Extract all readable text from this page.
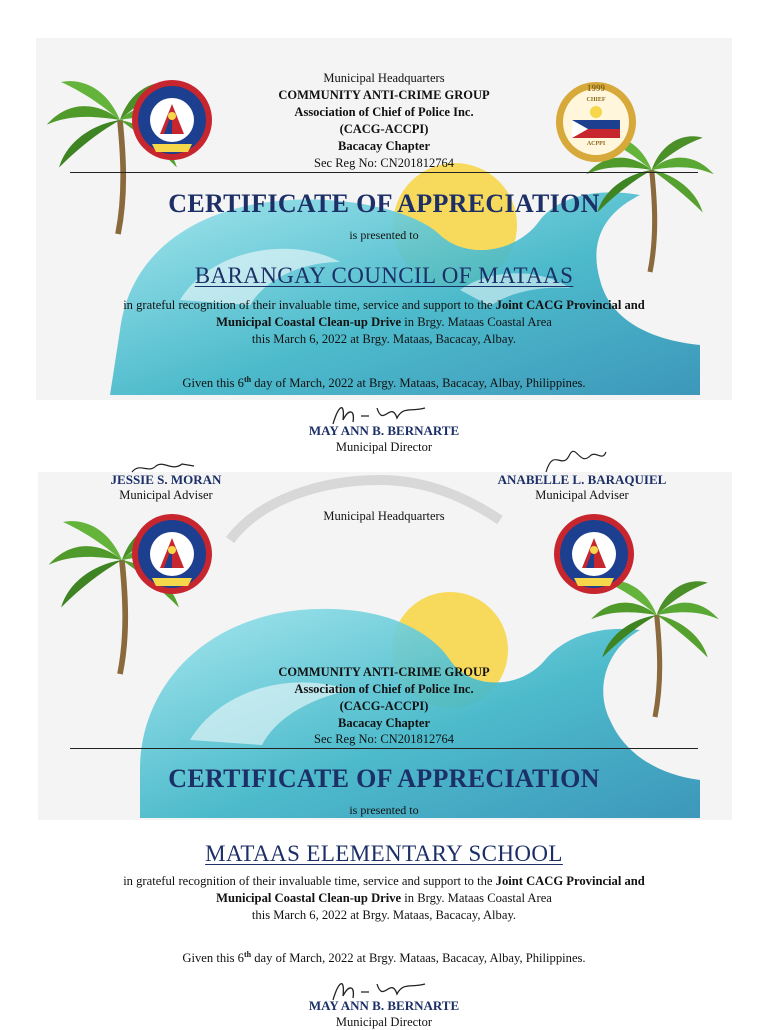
1999
CHIEF
ACPPI
Municipal Headquarters
COMMUNITY ANTI-CRIME GROUP
Association of Chief of Police Inc.
(CACG-ACCPI)
Bacacay Chapter
Sec Reg No: CN201812764
CERTIFICATE OF APPRECIATION
is presented to
BARANGAY COUNCIL OF MATAAS
in grateful recognition of their invaluable time, service and support to the Joint CACG Provincial and
Municipal Coastal Clean-up Drive in Brgy. Mataas Coastal Area
this March 6, 2022 at Brgy. Mataas, Bacacay, Albay.
Given this 6th day of March, 2022 at Brgy. Mataas, Bacacay, Albay, Philippines.
MAY ANN B. BERNARTE
Municipal Director
JESSIE S. MORAN
Municipal Adviser
ANABELLE L. BARAQUIEL
Municipal Adviser
Municipal Headquarters
COMMUNITY ANTI-CRIME GROUP
Association of Chief of Police Inc.
(CACG-ACCPI)
Bacacay Chapter
Sec Reg No: CN201812764
CERTIFICATE OF APPRECIATION
is presented to
MATAAS ELEMENTARY SCHOOL
in grateful recognition of their invaluable time, service and support to the Joint CACG Provincial and
Municipal Coastal Clean-up Drive in Brgy. Mataas Coastal Area
this March 6, 2022 at Brgy. Mataas, Bacacay, Albay.
Given this 6th day of March, 2022 at Brgy. Mataas, Bacacay, Albay, Philippines.
MAY ANN B. BERNARTE
Municipal Director
